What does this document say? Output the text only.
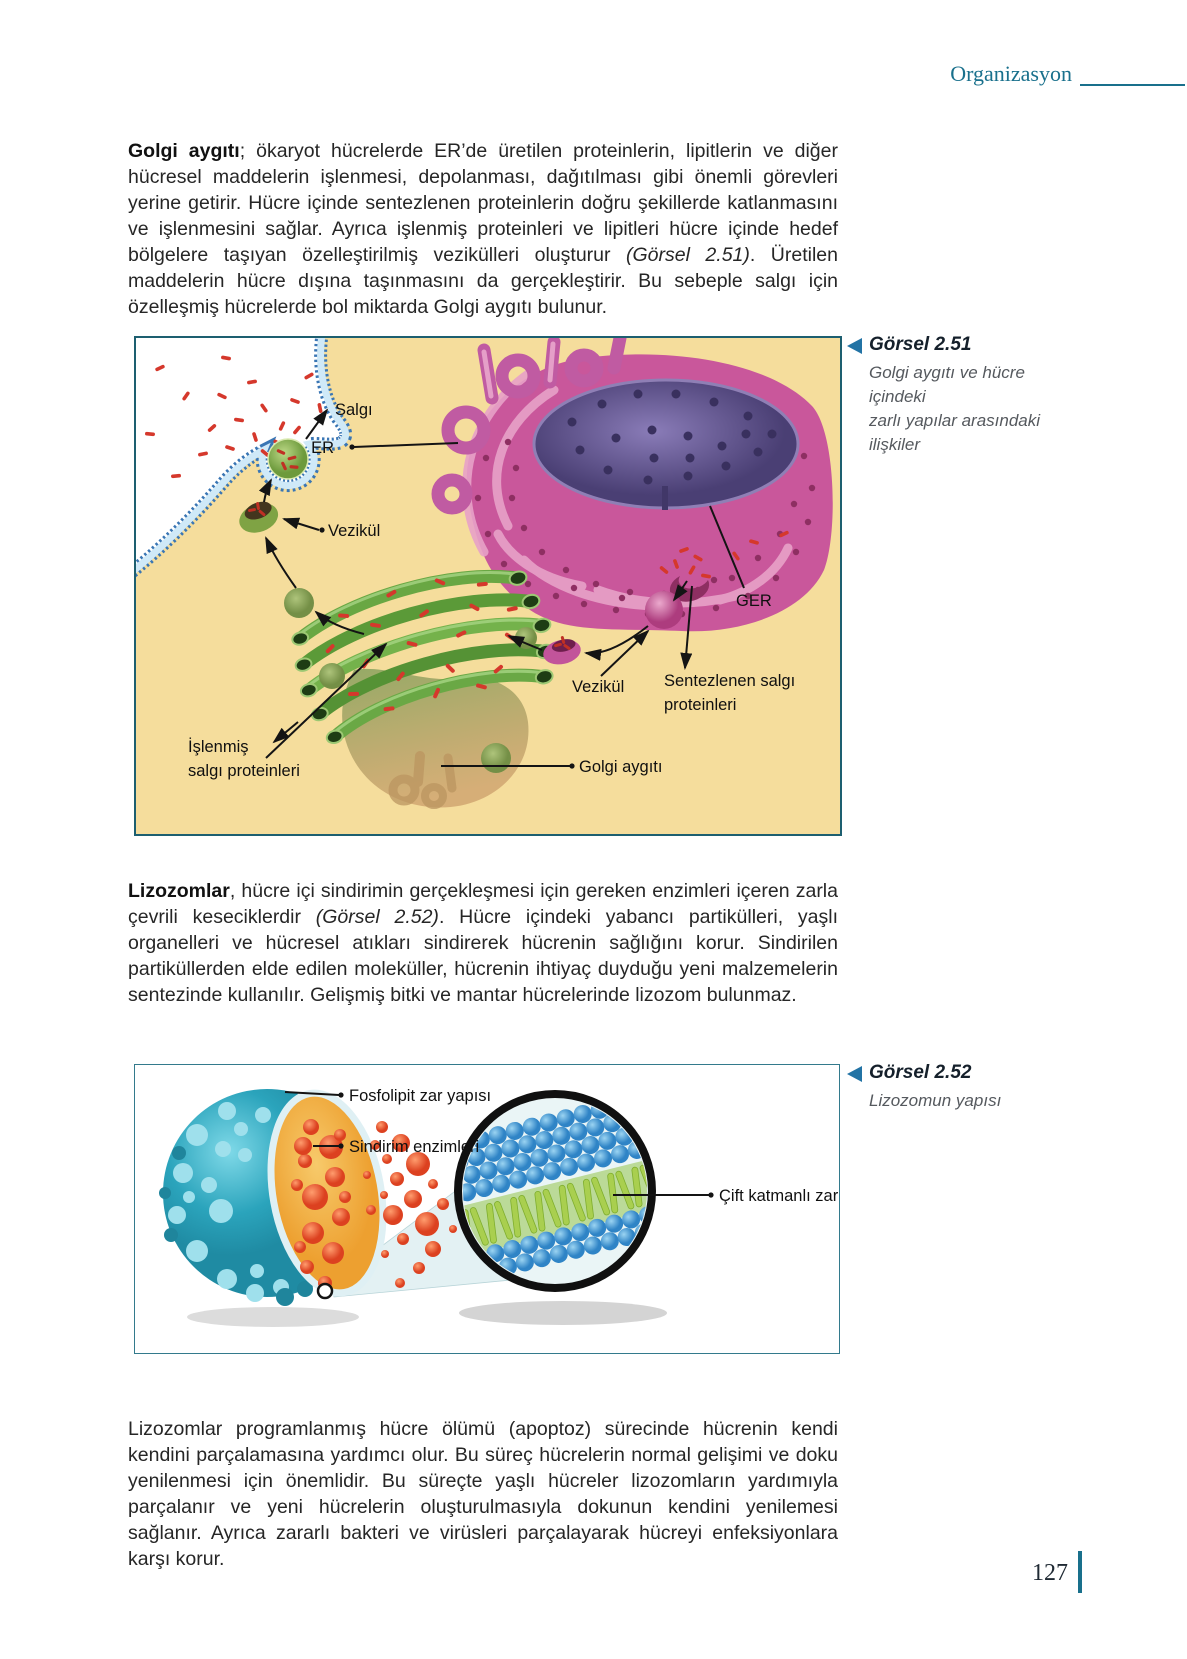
Organizasyon

Golgi aygıtı; ökaryot hücrelerde ER’de üretilen proteinlerin, lipitlerin ve diğer hücresel maddelerin işlenmesi, depolanması, dağıtılması gibi önemli görevleri yerine getirir. Hücre içinde sentezlenen proteinlerin doğru şekillerde katlanmasını ve işlenmesini sağlar. Ayrıca işlenmiş proteinleri ve lipitleri hücre içinde hedef bölgelere taşıyan özelleştirilmiş vezikülleri oluşturur (Görsel 2.51). Üretilen maddelerin hücre dışına taşınmasını da gerçekleştirir. Bu sebeple salgı için özelleşmiş hücrelerde bol miktarda Golgi aygıtı bulunur.

Salgı
ER
Vezikül
GER
Vezikül Sentezlenen salgı
proteinleri
İşlenmiş
salgı proteinleri	Golgi aygıtı
Görsel 2.51
Golgi aygıtı ve hücre içindeki
zarlı yapılar arasındaki ilişkiler

Lizozomlar, hücre içi sindirimin gerçekleşmesi için gereken enzimleri içeren zarla çevrili keseciklerdir (Görsel 2.52). Hücre içindeki yabancı partikülleri, yaşlı organelleri ve hücresel atıkları sindirerek hücrenin sağlığını korur. Sindirilen partiküllerden elde edilen moleküller, hücrenin ihtiyaç duyduğu yeni malzemelerin sentezinde kullanılır. Gelişmiş bitki ve mantar hücrelerinde lizozom bulunmaz.

Fosfolipit zar yapısı
Sindirim enzimleri
Çift katmanlı zar
Görsel 2.52
Lizozomun yapısı

Lizozomlar programlanmış hücre ölümü (apoptoz) sürecinde hücrenin kendi kendini parçalamasına yardımcı olur. Bu süreç hücrelerin normal gelişimi ve doku yenilenmesi için önemlidir. Bu süreçte yaşlı hücreler lizozomların yardımıyla parçalanır ve yeni hücrelerin oluşturulmasıyla dokunun kendini yenilemesi sağlanır. Ayrıca zararlı bakteri ve virüsleri parçalayarak hücreyi enfeksiyonlara karşı korur.

127
